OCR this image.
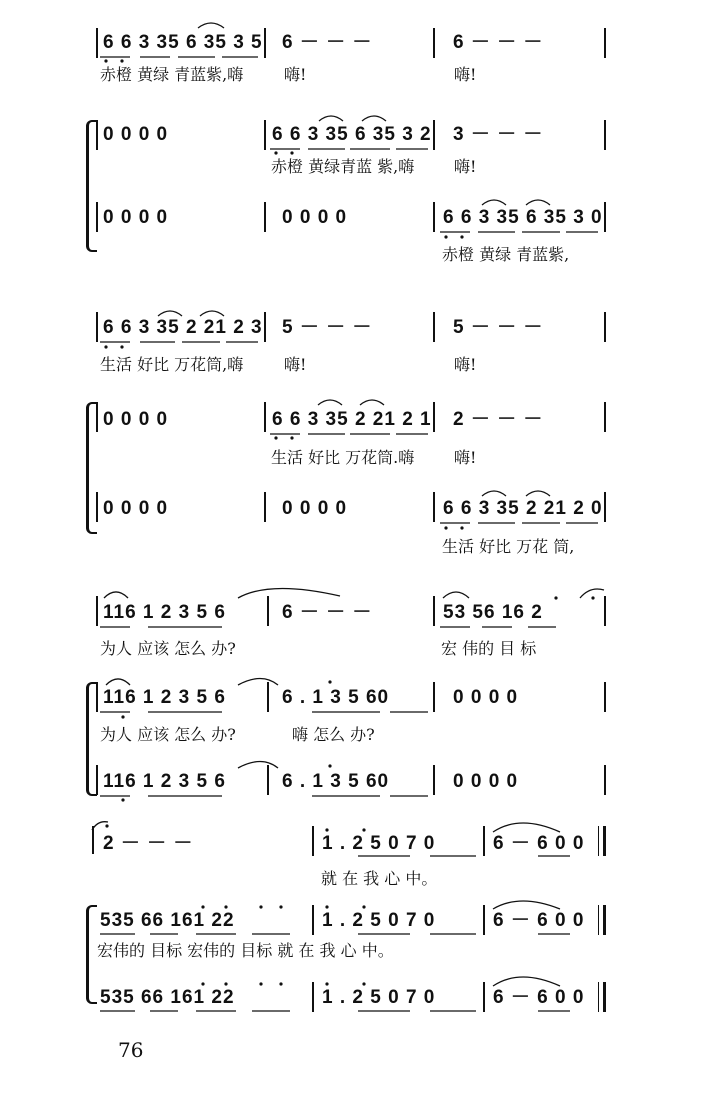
6 6 3 35 6 35 3 5 6 － － －	6 － － －
赤橙 黄绿 青蓝紫,嗨	嗨!	嗨!
0 0 0 0	6 6 3 35 6 35 3 2 3 － － －
赤橙 黄绿青蓝 紫,嗨 嗨!
0 0 0 0	0 0 0 0	6 6 3 35 6 35 3 0
赤橙 黄绿 青蓝紫,
6 6 3 35 2 21 2 3 5 － － －	5 － － －
生活 好比 万花筒,嗨	嗨!	嗨!
0 0 0 0	6 6 3 35 2 21 2 1 2 － － －
生活 好比 万花筒.嗨 嗨!
0 0 0 0	0 0 0 0	6 6 3 35 2 21 2 0
生活 好比 万花 筒,
116 1 2 3 5 6	6 － － －	53 56 16 2
为人 应该 怎么 办?	宏 伟的 目 标
116 1 2 3 5 6	6 . 1 3 5 60	0 0 0 0
为人 应该 怎么 办?	嗨 怎么 办?
116 1 2 3 5 6	6 . 1 3 5 60	0 0 0 0
2 － － －	1 . 2 5 0 7 0	6 － 6 0 0
就 在 我 心 中。
535 66 161 22	1 . 2 5 0 7 0	6 － 6 0 0
宏伟的 目标 宏伟的 目标 就 在 我 心 中。
535 66 161 22	1 . 2 5 0 7 0	6 － 6 0 0
76
